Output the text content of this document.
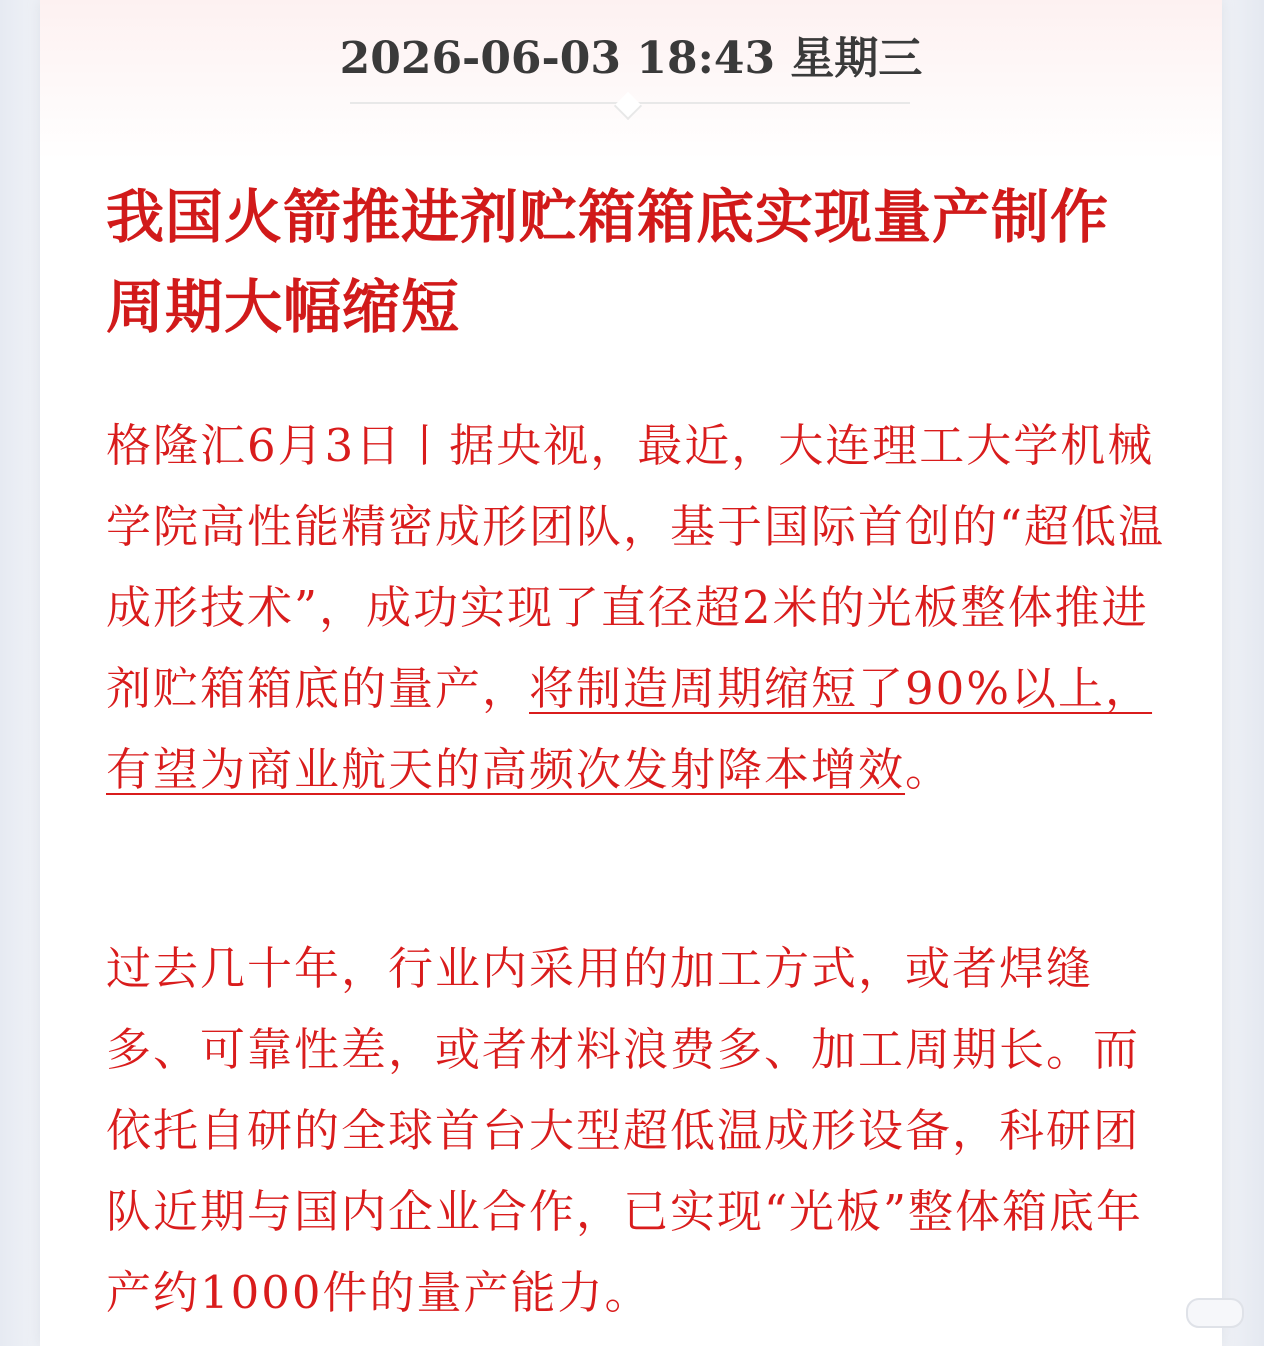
2026-06-03 18:43 星期三
我国火箭推进剂贮箱箱底实现量产制作周期大幅缩短

格隆汇6月3日丨据央视，最近，大连理工大学机械学院高性能精密成形团队，基于国际首创的“超低温成形技术”，成功实现了直径超2米的光板整体推进剂贮箱箱底的量产，将制造周期缩短了90%以上，有望为商业航天的高频次发射降本增效。

过去几十年，行业内采用的加工方式，或者焊缝多、可靠性差，或者材料浪费多、加工周期长。而依托自研的全球首台大型超低温成形设备，科研团队近期与国内企业合作，已实现“光板”整体箱底年产约1000件的量产能力。
